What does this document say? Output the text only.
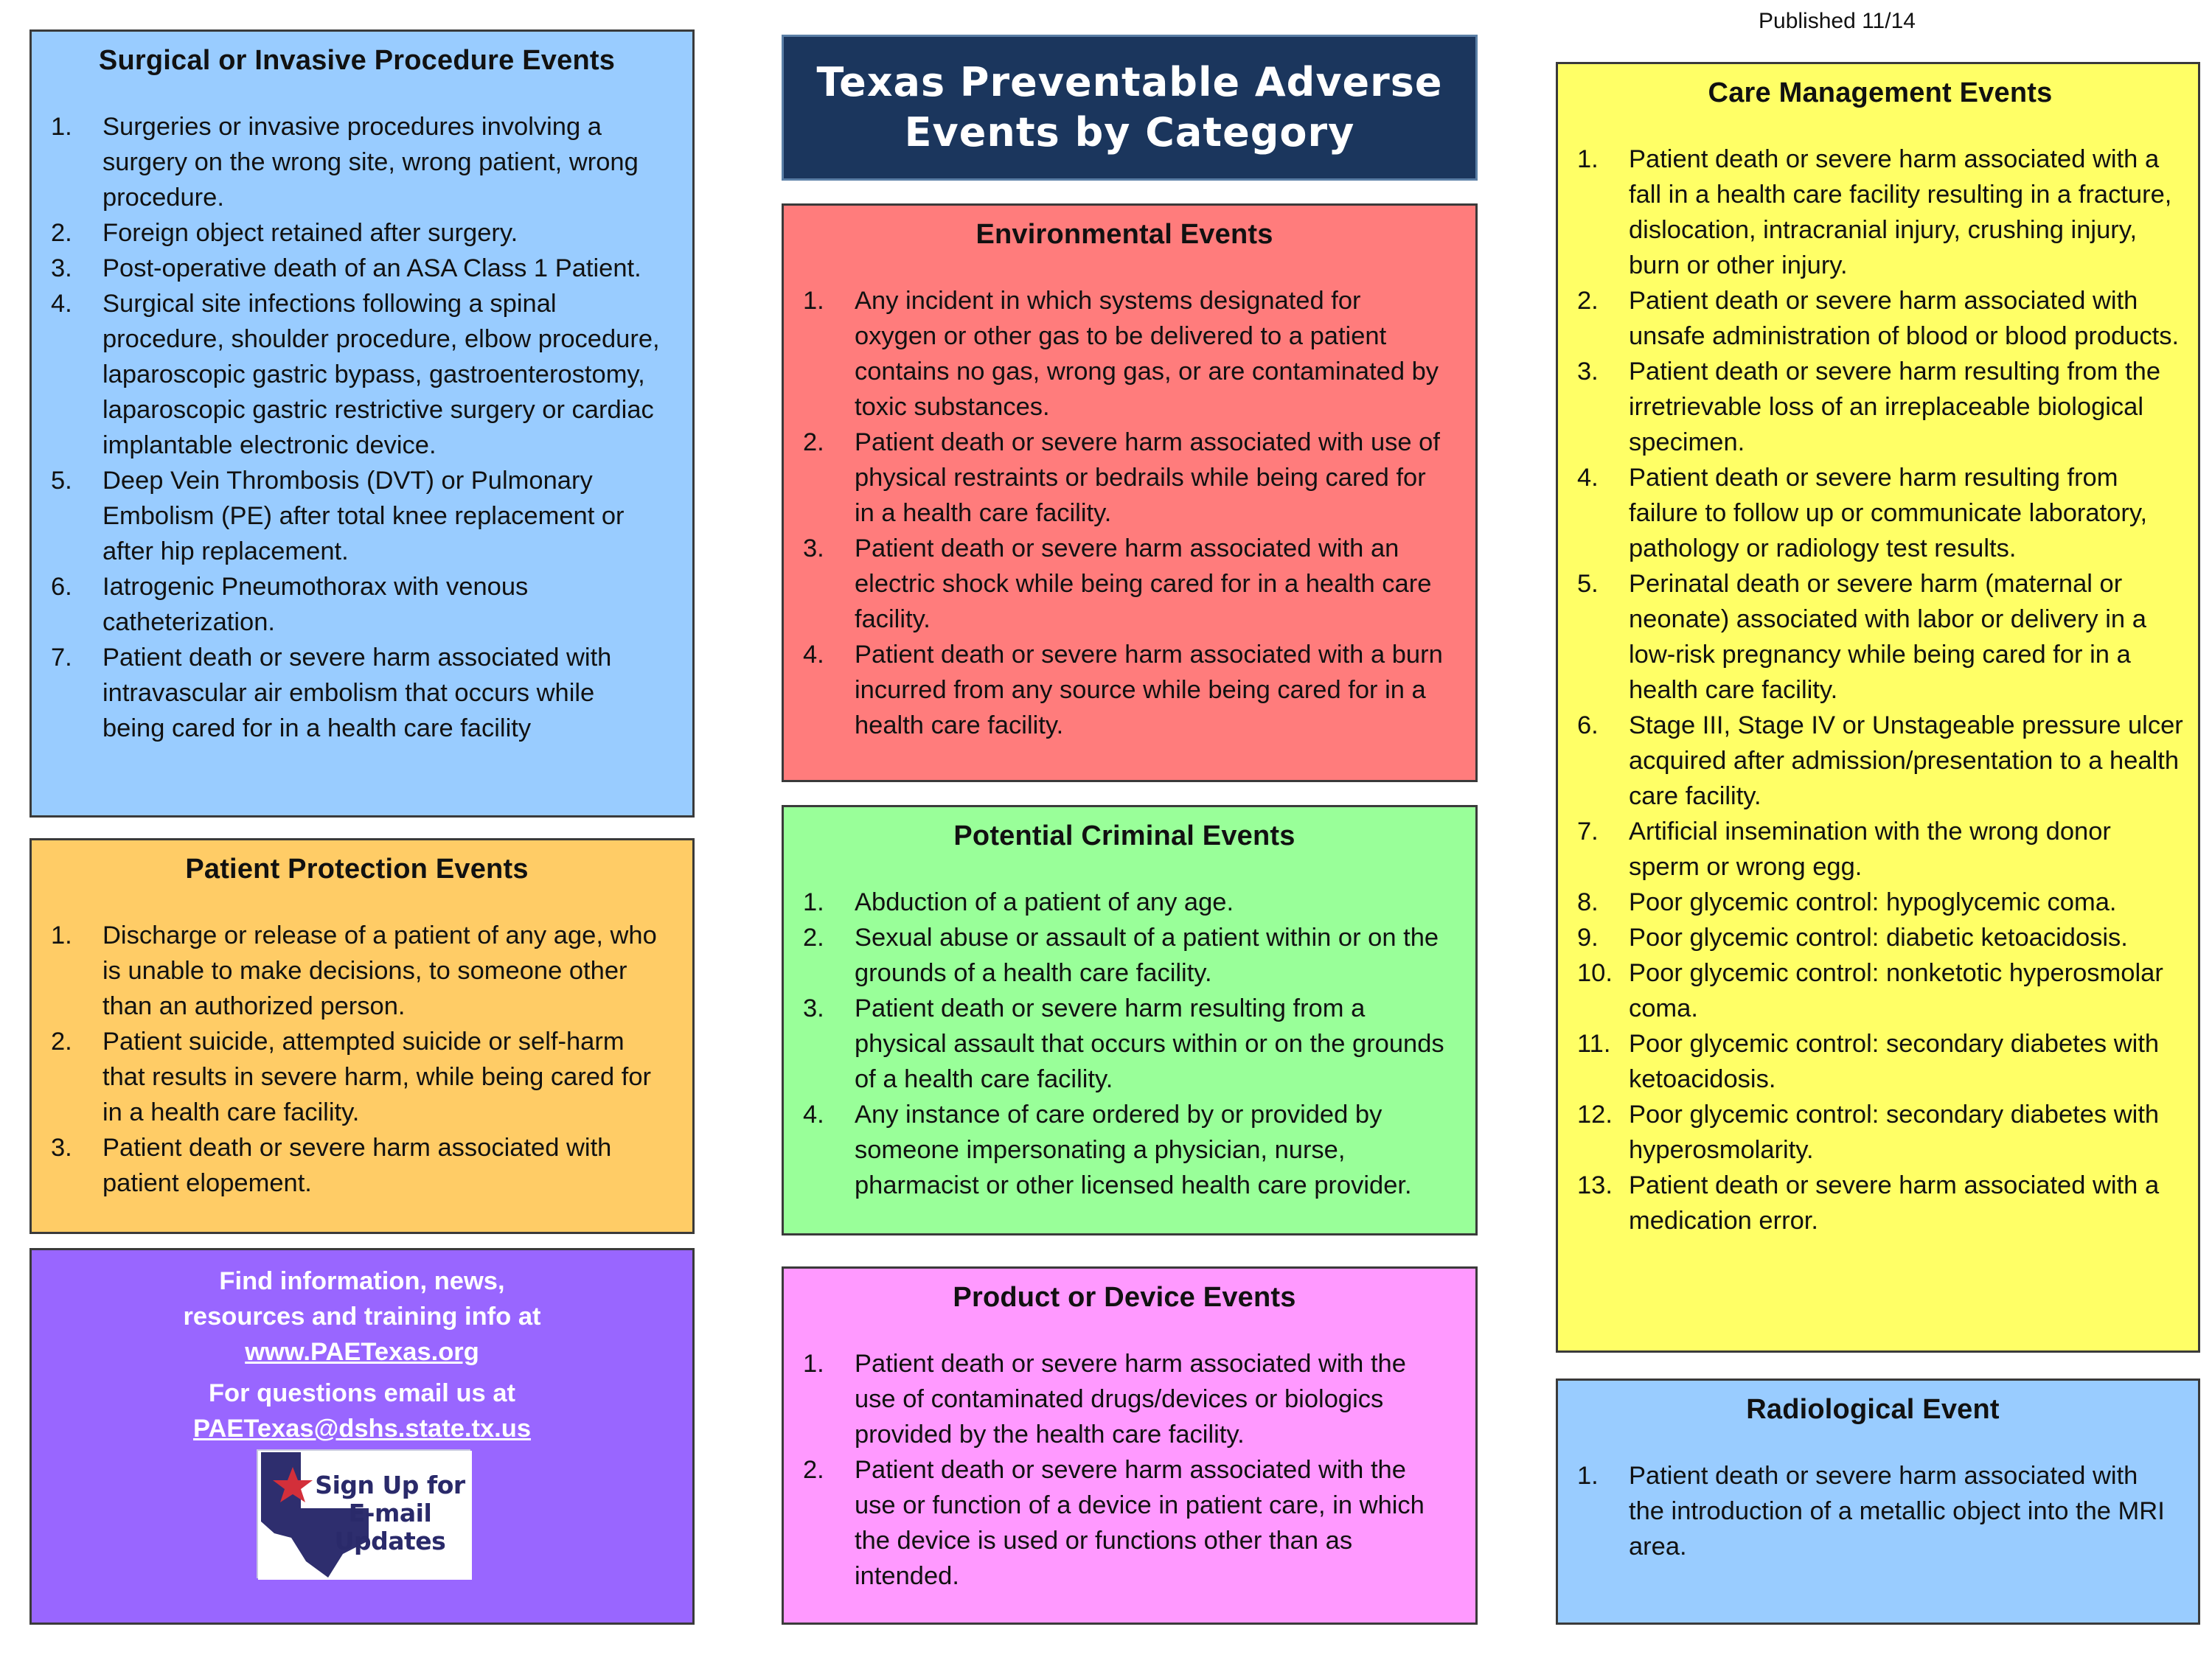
Published 11/14
Texas Preventable Adverse Events by Category
Surgical or Invasive Procedure Events
1. Surgeries or invasive procedures involving a surgery on the wrong site, wrong patient, wrong procedure.
2. Foreign object retained after surgery.
3. Post-operative death of an ASA Class 1 Patient.
4. Surgical site infections following a spinal procedure, shoulder procedure, elbow procedure, laparoscopic gastric bypass, gastroenterostomy, laparoscopic gastric restrictive surgery or cardiac implantable electronic device.
5. Deep Vein Thrombosis (DVT) or Pulmonary Embolism (PE) after total knee replacement or after hip replacement.
6. Iatrogenic Pneumothorax with venous catheterization.
7. Patient death or severe harm associated with intravascular air embolism that occurs while being cared for in a health care facility
Patient Protection Events
1. Discharge or release of a patient of any age, who is unable to make decisions, to someone other than an authorized person.
2. Patient suicide, attempted suicide or self-harm that results in severe harm, while being cared for in a health care facility.
3. Patient death or severe harm associated with patient elopement.
Find information, news,
resources and training info at
www.PAETexas.org
For questions email us at
PAETexas@dshs.state.tx.us
Sign Up for E-mail Updates
Environmental Events
1. Any incident in which systems designated for oxygen or other gas to be delivered to a patient contains no gas, wrong gas, or are contaminated by toxic substances.
2. Patient death or severe harm associated with use of physical restraints or bedrails while being cared for in a health care facility.
3. Patient death or severe harm associated with an electric shock while being cared for in a health care facility.
4. Patient death or severe harm associated with a burn incurred from any source while being cared for in a health care facility.
Potential Criminal Events
1. Abduction of a patient of any age.
2. Sexual abuse or assault of a patient within or on the grounds of a health care facility.
3. Patient death or severe harm resulting from a physical assault that occurs within or on the grounds of a health care facility.
4. Any instance of care ordered by or provided by someone impersonating a physician, nurse, pharmacist or other licensed health care provider.
Product or Device Events
1. Patient death or severe harm associated with the use of contaminated drugs/devices or biologics provided by the health care facility.
2. Patient death or severe harm associated with the use or function of a device in patient care, in which the device is used or functions other than as intended.
Care Management Events
1. Patient death or severe harm associated with a fall in a health care facility resulting in a fracture, dislocation, intracranial injury, crushing injury, burn or other injury.
2. Patient death or severe harm associated with unsafe administration of blood or blood products.
3. Patient death or severe harm resulting from the irretrievable loss of an irreplaceable biological specimen.
4. Patient death or severe harm resulting from failure to follow up or communicate laboratory, pathology or radiology test results.
5. Perinatal death or severe harm (maternal or neonate) associated with labor or delivery in a low-risk pregnancy while being cared for in a health care facility.
6. Stage III, Stage IV or Unstageable pressure ulcer acquired after admission/presentation to a health care facility.
7. Artificial insemination with the wrong donor sperm or wrong egg.
8. Poor glycemic control: hypoglycemic coma.
9. Poor glycemic control: diabetic ketoacidosis.
10. Poor glycemic control: nonketotic hyperosmolar coma.
11. Poor glycemic control: secondary diabetes with ketoacidosis.
12. Poor glycemic control: secondary diabetes with hyperosmolarity.
13. Patient death or severe harm associated with a medication error.
Radiological Event
1. Patient death or severe harm associated with the introduction of a metallic object into the MRI area.
